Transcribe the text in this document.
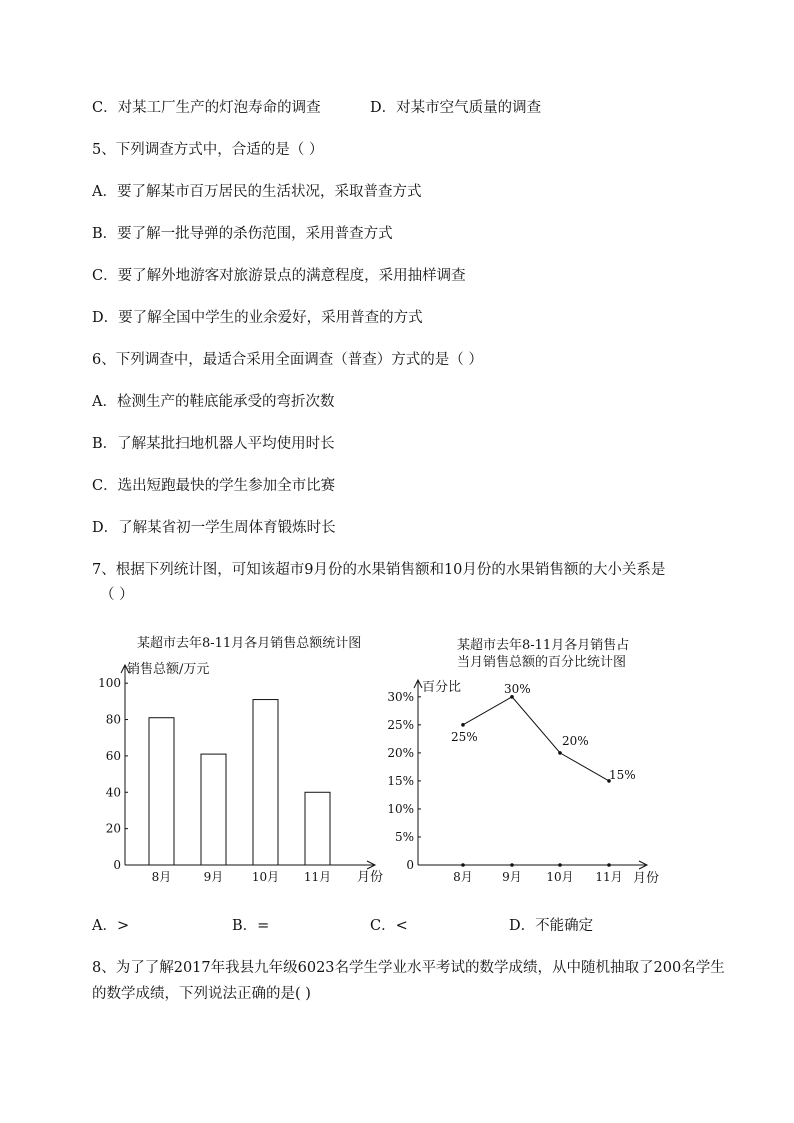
C．对某工厂生产的灯泡寿命的调查	D．对某市空气质量的调查
5、下列调查方式中，合适的是（ ）
A．要了解某市百万居民的生活状况，采取普查方式
B．要了解一批导弹的杀伤范围，采用普查方式
C．要了解外地游客对旅游景点的满意程度，采用抽样调查
D．要了解全国中学生的业余爱好，采用普查的方式
6、下列调查中，最适合采用全面调查（普查）方式的是（ ）
A．检测生产的鞋底能承受的弯折次数
B．了解某批扫地机器人平均使用时长
C．选出短跑最快的学生参加全市比赛
D．了解某省初一学生周体育锻炼时长
7、根据下列统计图，可知该超市9月份的水果销售额和10月份的水果销售额的大小关系是
（ ）
某超市去年8-11月各月销售总额统计图
销售总额/万元
月份
0
20
40
60
80
100
8月	9月 10月 11月
某超市去年8-11月各月销售占
当月销售总额的百分比统计图
百分比
月份
0
5%
10%
15%
20%
25%
30%
8月 9月 10月 11月
25%
30%
20%
15%
A．>	B．=	C．<	D．不能确定
8、为了了解2017年我县九年级6023名学生学业水平考试的数学成绩，从中随机抽取了200名学生
的数学成绩，下列说法正确的是( )
